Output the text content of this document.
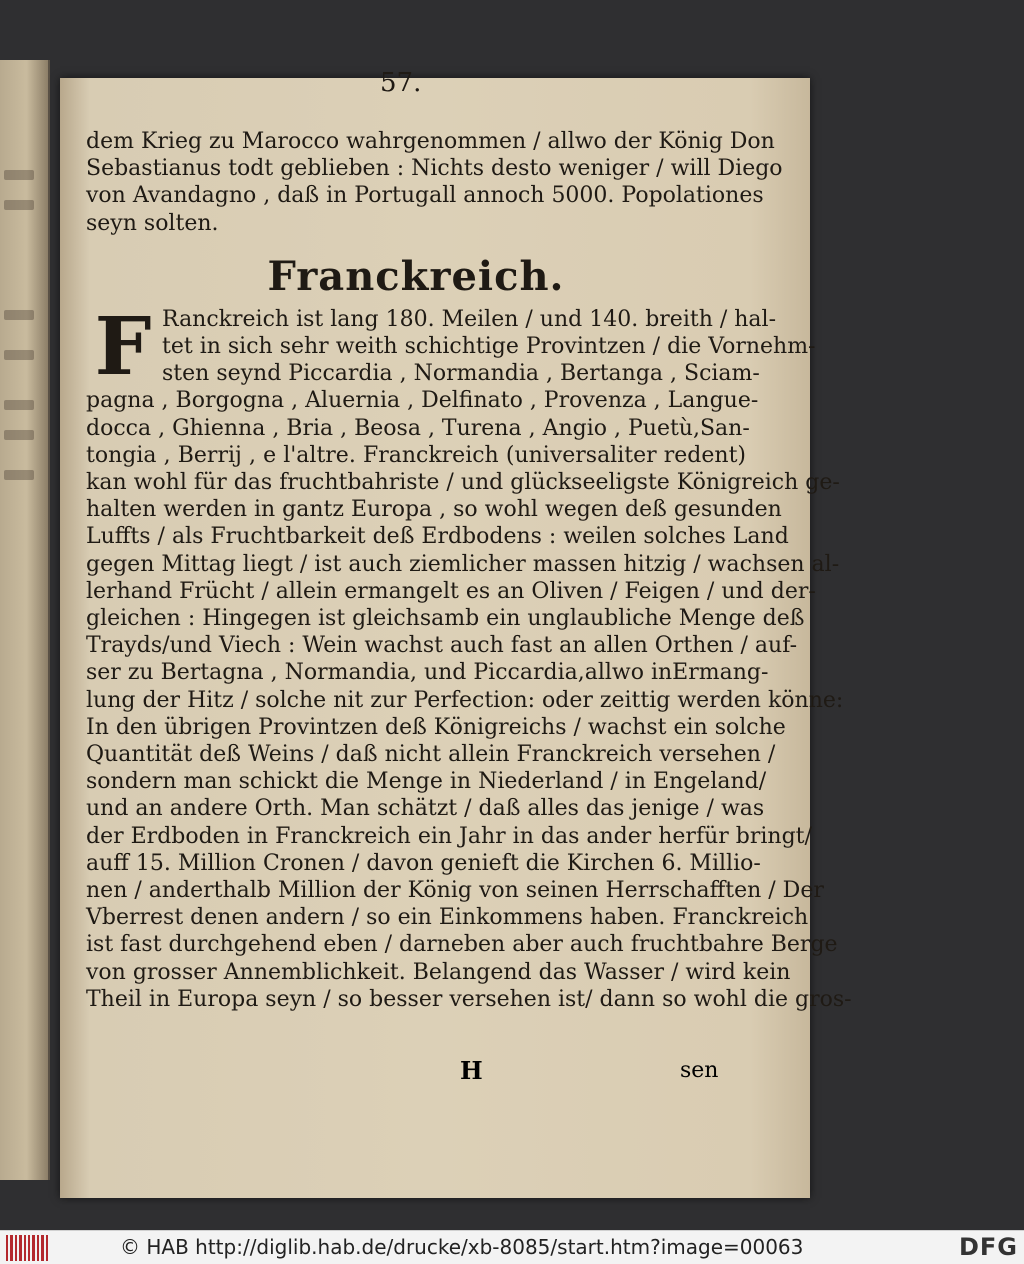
57.
dem Krieg zu Marocco wahrgenommen / allwo der König Don
Sebastianus todt geblieben : Nichts desto weniger / will Diego
von Avandagno , daß in Portugall annoch 5000. Popolationes
seyn solten.
Franckreich.
F Ranckreich ist lang 180. Meilen / und 140. breith / hal-
tet in sich sehr weith schichtige Provintzen / die Vornehm-
sten seynd Piccardia , Normandia , Bertanga , Sciam-
pagna , Borgogna , Aluernia , Delfinato , Provenza , Langue-
docca , Ghienna , Bria , Beosa , Turena , Angio , Puetù,San-
tongia , Berrij , e l'altre. Franckreich (universaliter redent)
kan wohl für das fruchtbahriste / und glückseeligste Königreich ge-
halten werden in gantz Europa , so wohl wegen deß gesunden
Luffts / als Fruchtbarkeit deß Erdbodens : weilen solches Land
gegen Mittag liegt / ist auch ziemlicher massen hitzig / wachsen al-
lerhand Frücht / allein ermangelt es an Oliven / Feigen / und der-
gleichen : Hingegen ist gleichsamb ein unglaubliche Menge deß
Trayds/und Viech : Wein wachst auch fast an allen Orthen / auf-
ser zu Bertagna , Normandia, und Piccardia,allwo inErmang-
lung der Hitz / solche nit zur Perfection: oder zeittig werden könne:
In den übrigen Provintzen deß Königreichs / wachst ein solche
Quantität deß Weins / daß nicht allein Franckreich versehen /
sondern man schickt die Menge in Niederland / in Engeland/
und an andere Orth. Man schätzt / daß alles das jenige / was
der Erdboden in Franckreich ein Jahr in das ander herfür bringt/
auff 15. Million Cronen / davon genieft die Kirchen 6. Millio-
nen / anderthalb Million der König von seinen Herrschafften / Der
Vberrest denen andern / so ein Einkommens haben. Franckreich
ist fast durchgehend eben / darneben aber auch fruchtbahre Berge
von grosser Annemblichkeit. Belangend das Wasser / wird kein
Theil in Europa seyn / so besser versehen ist/ dann so wohl die gros-
H	sen
© HAB http://diglib.hab.de/drucke/xb-8085/start.htm?image=00063	DFG
